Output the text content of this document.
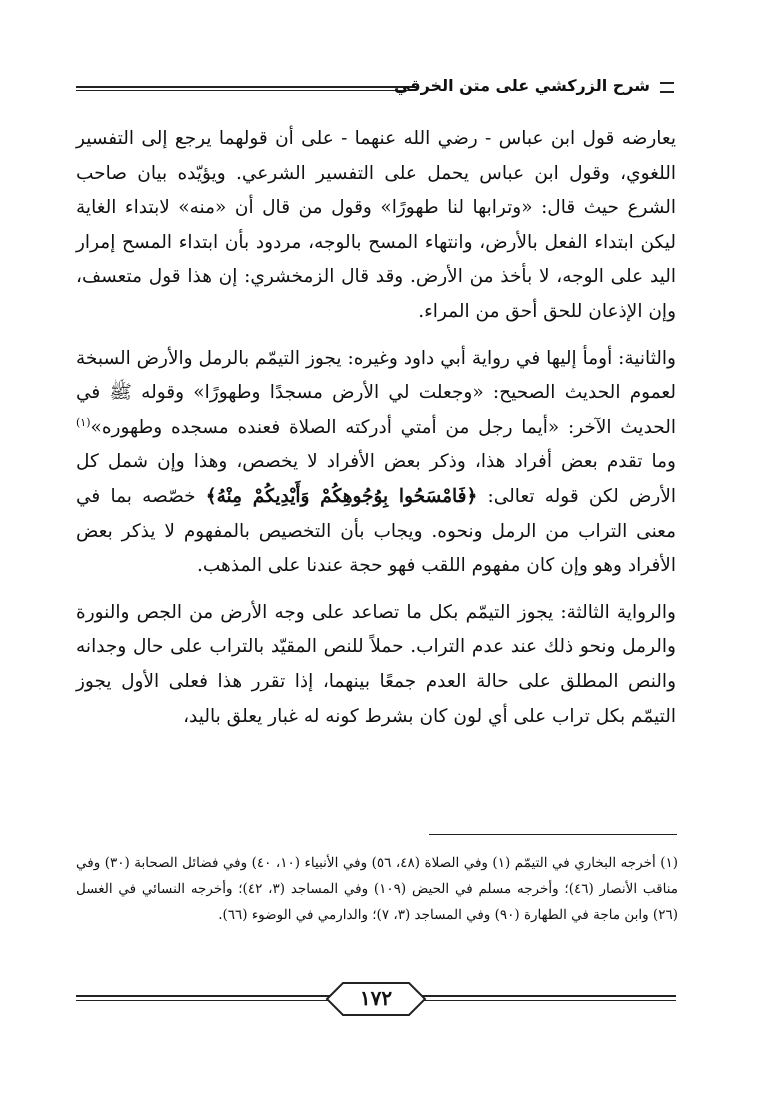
شرح الزركشي على متن الخرقي

يعارضه قول ابن عباس - رضي الله عنهما - على أن قولهما يرجع إلى التفسير اللغوي، وقول ابن عباس يحمل على التفسير الشرعي. ويؤيّده بيان صاحب الشرع حيث قال: «وترابها لنا طهورًا» وقول من قال أن «منه» لابتداء الغاية ليكن ابتداء الفعل بالأرض، وانتهاء المسح بالوجه، مردود بأن ابتداء المسح إمرار اليد على الوجه، لا بأخذ من الأرض. وقد قال الزمخشري: إن هذا قول متعسف، وإن الإذعان للحق أحق من المراء.

والثانية: أومأ إليها في رواية أبي داود وغيره: يجوز التيمّم بالرمل والأرض السبخة لعموم الحديث الصحيح: «وجعلت لي الأرض مسجدًا وطهورًا» وقوله ﷺ في الحديث الآخر: «أيما رجل من أمتي أدركته الصلاة فعنده مسجده وطهوره»$^{(١)}$ وما تقدم بعض أفراد هذا، وذكر بعض الأفراد لا يخصص، وهذا وإن شمل كل الأرض لكن قوله تعالى: ﴿فَامْسَحُوا بِوُجُوهِكُمْ وَأَيْدِيكُمْ مِنْهُ﴾ خصّصه بما في معنى التراب من الرمل ونحوه. ويجاب بأن التخصيص بالمفهوم لا يذكر بعض الأفراد وهو وإن كان مفهوم اللقب فهو حجة عندنا على المذهب.

والرواية الثالثة: يجوز التيمّم بكل ما تصاعد على وجه الأرض من الجص والنورة والرمل ونحو ذلك عند عدم التراب. حملاً للنص المقيّد بالتراب على حال وجدانه والنص المطلق على حالة العدم جمعًا بينهما، إذا تقرر هذا فعلى الأول يجوز التيمّم بكل تراب على أي لون كان بشرط كونه له غبار يعلق باليد،

(١) أخرجه البخاري في التيمّم (١) وفي الصلاة (٤٨، ٥٦) وفي الأنبياء (١٠، ٤٠) وفي فضائل الصحابة (٣٠) وفي مناقب الأنصار (٤٦)؛ وأخرجه مسلم في الحيض (١٠٩) وفي المساجد (٣، ٤٢)؛ وأخرجه النسائي في الغسل (٢٦) وابن ماجة في الطهارة (٩٠) وفي المساجد (٣، ٧)؛ والدارمي في الوضوء (٦٦).

١٧٢
